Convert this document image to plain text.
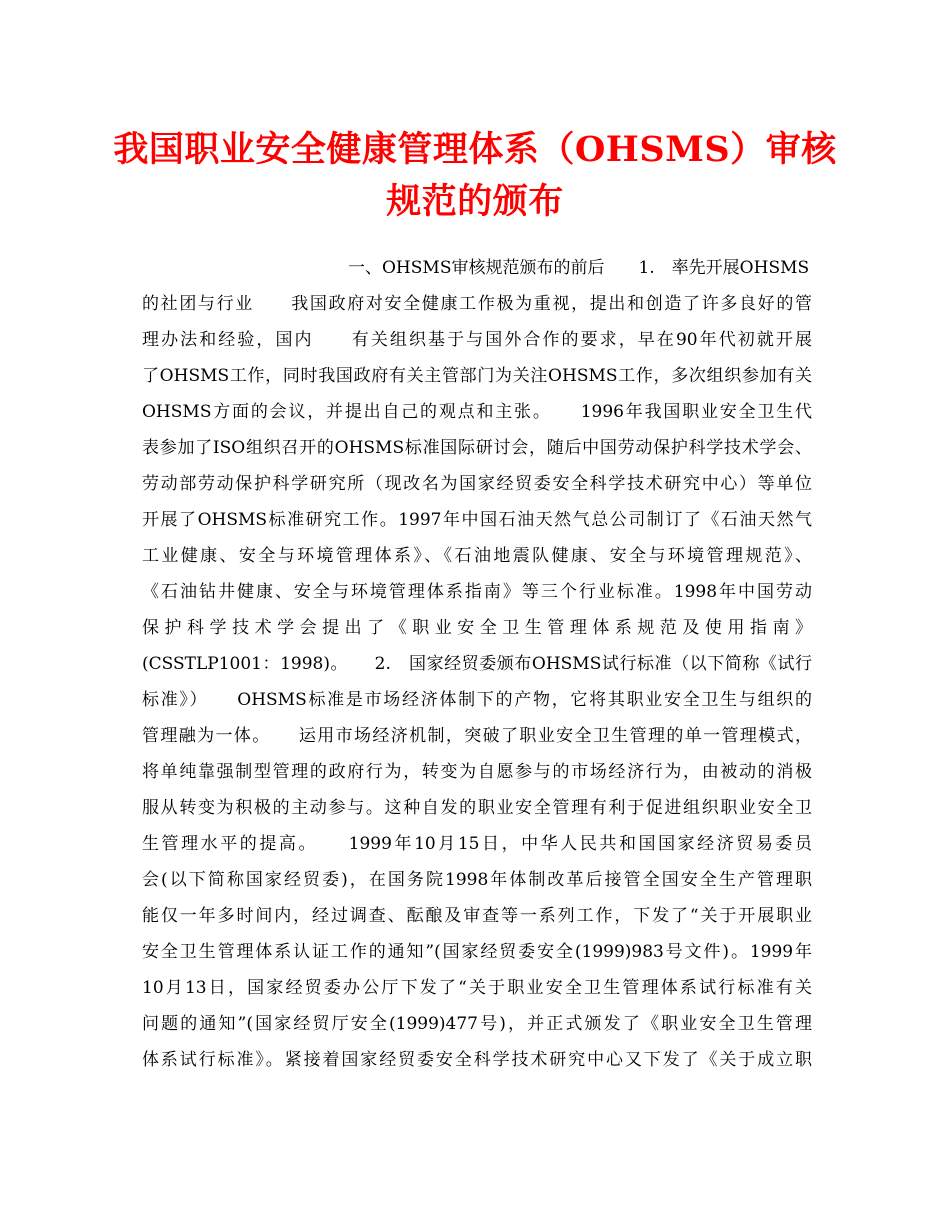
我国职业安全健康管理体系（OHSMS）审核规范的颁布
一、OHSMS审核规范颁布的前后　　1.　率先开展OHSMS
的社团与行业　　我国政府对安全健康工作极为重视，提出和创造了许多良好的管
理办法和经验，国内　　有关组织基于与国外合作的要求，早在90年代初就开展
了OHSMS工作，同时我国政府有关主管部门为关注OHSMS工作，多次组织参加有关
OHSMS方面的会议，并提出自己的观点和主张。　　1996年我国职业安全卫生代
表参加了ISO组织召开的OHSMS标准国际研讨会，随后中国劳动保护科学技术学会、
劳动部劳动保护科学研究所（现改名为国家经贸委安全科学技术研究中心）等单位
开展了OHSMS标准研究工作。1997年中国石油天然气总公司制订了《石油天然气
工业健康、安全与环境管理体系》、《石油地震队健康、安全与环境管理规范》、
《石油钻井健康、安全与环境管理体系指南》等三个行业标准。1998年中国劳动
保护科学技术学会提出了《职业安全卫生管理体系规范及使用指南》
(CSSTLP1001：1998)。　　2.　国家经贸委颁布OHSMS试行标准（以下简称《试行
标准》）　　OHSMS标准是市场经济体制下的产物，它将其职业安全卫生与组织的
管理融为一体。　　运用市场经济机制，突破了职业安全卫生管理的单一管理模式，
将单纯靠强制型管理的政府行为，转变为自愿参与的市场经济行为，由被动的消极
服从转变为积极的主动参与。这种自发的职业安全管理有利于促进组织职业安全卫
生管理水平的提高。　　1999年10月15日，中华人民共和国国家经济贸易委员
会(以下简称国家经贸委)，在国务院1998年体制改革后接管全国安全生产管理职
能仅一年多时间内，经过调查、酝酿及审查等一系列工作，下发了“关于开展职业
安全卫生管理体系认证工作的通知”(国家经贸委安全(1999)983号文件)。1999年
10月13日，国家经贸委办公厅下发了“关于职业安全卫生管理体系试行标准有关
问题的通知”(国家经贸厅安全(1999)477号)，并正式颁发了《职业安全卫生管理
体系试行标准》。紧接着国家经贸委安全科学技术研究中心又下发了《关于成立职
